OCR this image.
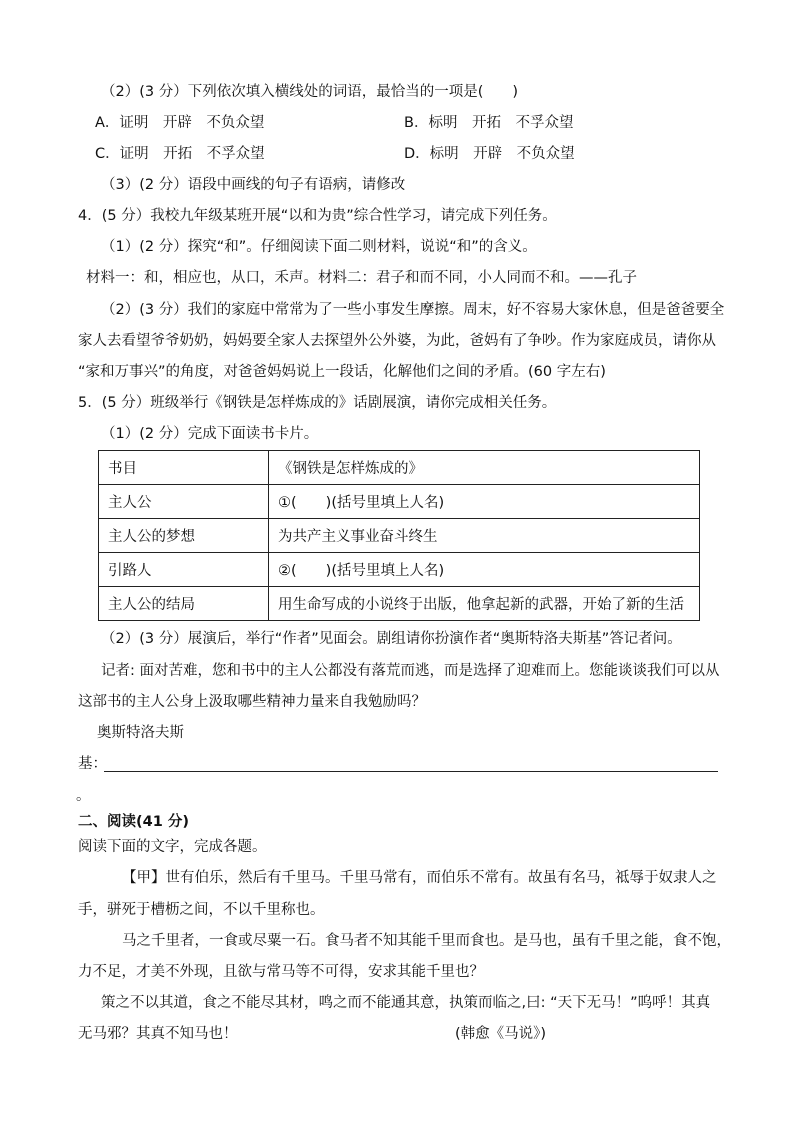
（2）(3 分）下列依次填入横线处的词语，最恰当的一项是(　　)
A．证明　开辟　不负众望	B．标明　开拓　不孚众望
C．证明　开拓　不孚众望	D．标明　开辟　不负众望
（3）(2 分）语段中画线的句子有语病，请修改
4．(5 分）我校九年级某班开展“以和为贵”综合性学习，请完成下列任务。
（1）(2 分）探究“和”。仔细阅读下面二则材料，说说“和”的含义。
材料一：和，相应也，从口，禾声。材料二：君子和而不同，小人同而不和。——孔子
（2）(3 分）我们的家庭中常常为了一些小事发生摩擦。周末，好不容易大家休息，但是爸爸要全
家人去看望爷爷奶奶，妈妈要全家人去探望外公外婆，为此，爸妈有了争吵。作为家庭成员，请你从
“家和万事兴”的角度，对爸爸妈妈说上一段话，化解他们之间的矛盾。(60 字左右)
5．(5 分）班级举行《钢铁是怎样炼成的》话剧展演，请你完成相关任务。
（1）(2 分）完成下面读书卡片。
书目	《钢铁是怎样炼成的》
主人公	①(　　)(括号里填上人名)
主人公的梦想	为共产主义事业奋斗终生
引路人	②(　　)(括号里填上人名)
主人公的结局	用生命写成的小说终于出版，他拿起新的武器，开始了新的生活
（2）(3 分）展演后，举行“作者”见面会。剧组请你扮演作者“奥斯特洛夫斯基”答记者问。
记者: 面对苦难，您和书中的主人公都没有落荒而逃，而是选择了迎难而上。您能谈谈我们可以从
这部书的主人公身上汲取哪些精神力量来自我勉励吗？
奥斯特洛夫斯
基：
。
二、阅读(41 分)
阅读下面的文字，完成各题。
【甲】世有伯乐，然后有千里马。千里马常有，而伯乐不常有。故虽有名马，祗辱于奴隶人之
手，骈死于槽枥之间，不以千里称也。
马之千里者，一食或尽粟一石。食马者不知其能千里而食也。是马也，虽有千里之能，食不饱，
力不足，才美不外现，且欲与常马等不可得，安求其能千里也？
策之不以其道，食之不能尽其材，鸣之而不能通其意，执策而临之,曰: “天下无马！”呜呼！其真
无马邪？其真不知马也！	(韩愈《马说》)
